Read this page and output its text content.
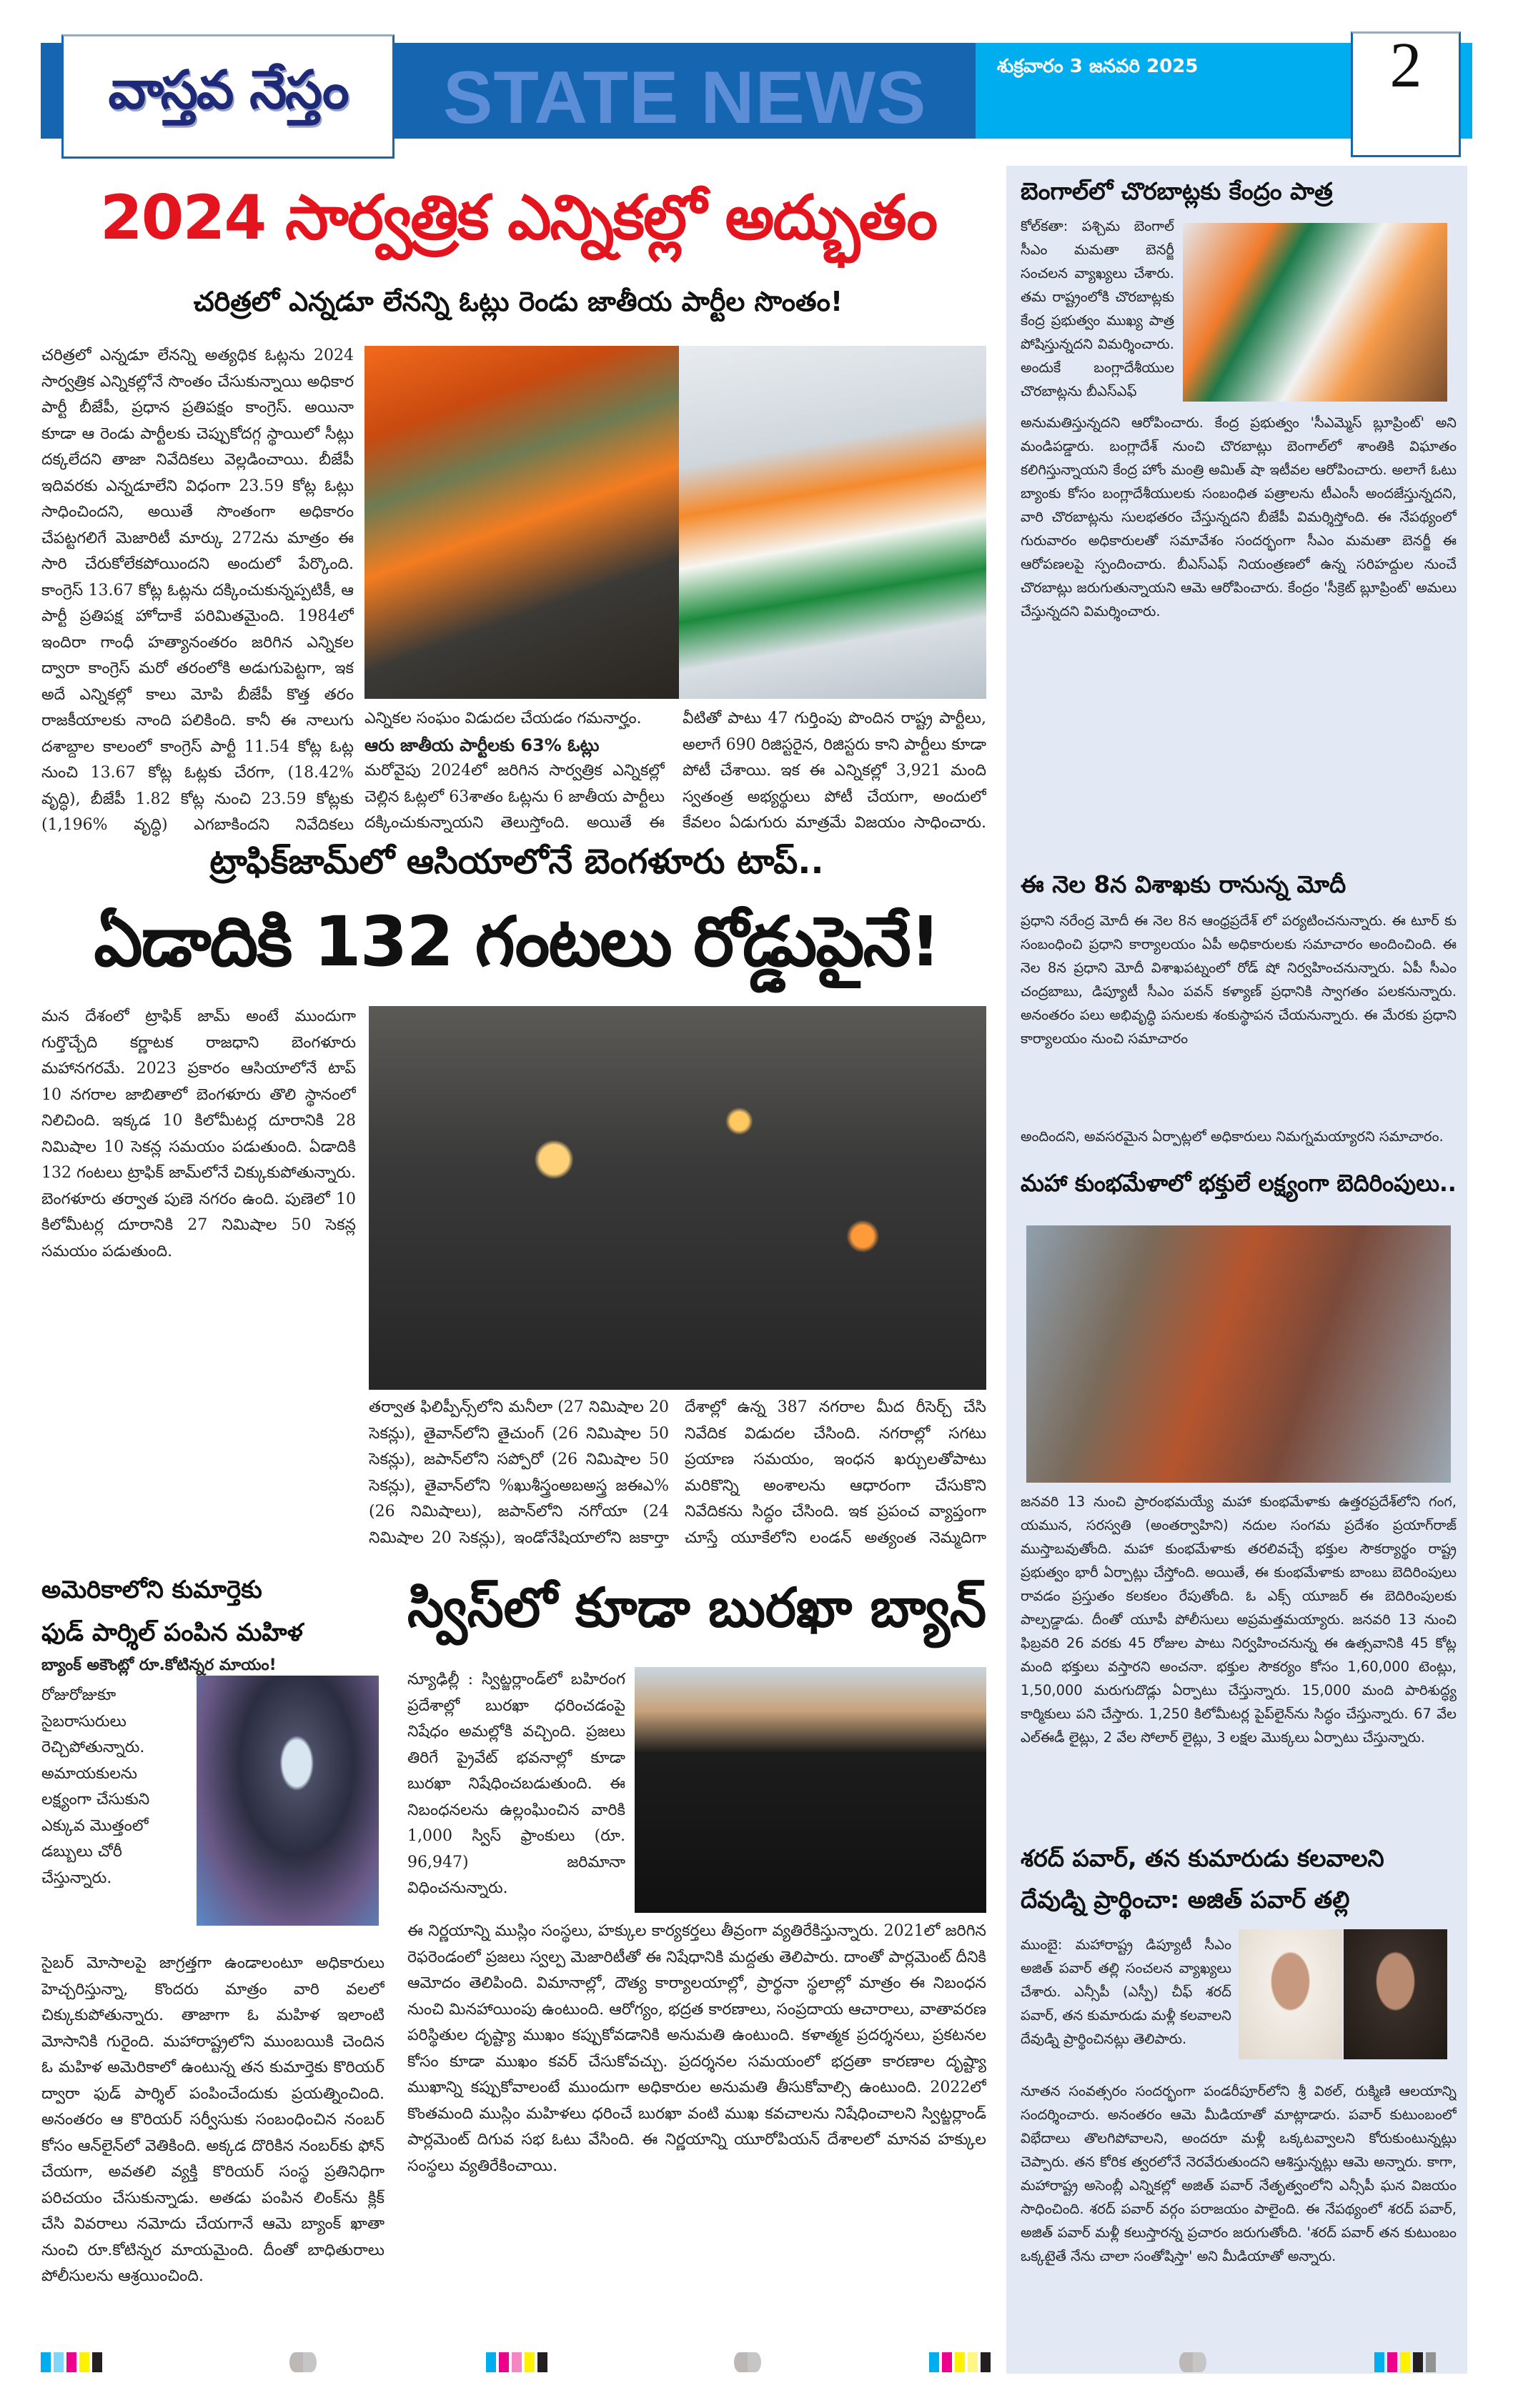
వాస్తవ నేస్తం STATE NEWS	శుక్రవారం 3 జనవరి 2025	2
2024 సార్వత్రిక ఎన్నికల్లో అద్భుతం
చరిత్రలో ఎన్నడూ లేనన్ని ఓట్లు రెండు జాతీయ పార్టీల సొంతం!
చరిత్రలో ఎన్నడూ లేనన్ని అత్యధిక ఓట్లను 2024 సార్వత్రిక ఎన్నికల్లోనే సొంతం చేసుకున్నాయి అధికార పార్టీ బీజేపీ, ప్రధాన ప్రతిపక్షం కాంగ్రెస్. అయినా కూడా ఆ రెండు పార్టీలకు చెప్పుకోదగ్గ స్థాయిలో సీట్లు దక్కలేదని తాజా నివేదికలు వెల్లడించాయి. బీజేపీ ఇదివరకు ఎన్నడూలేని విధంగా 23.59 కోట్ల ఓట్లు సాధించిందని, అయితే సొంతంగా అధికారం చేపట్టగలిగే మెజారిటీ మార్కు 272ను మాత్రం ఈ సారి చేరుకోలేకపోయిందని అందులో పేర్కొంది. కాంగ్రెస్ 13.67 కోట్ల ఓట్లను దక్కించుకున్నప్పటికీ, ఆ పార్టీ ప్రతిపక్ష హోదాకే పరిమితమైంది. 1984లో ఇందిరా గాంధీ హత్యానంతరం జరిగిన ఎన్నికల ద్వారా కాంగ్రెస్ మరో తరంలోకి అడుగుపెట్టగా, ఇక అదే ఎన్నికల్లో కాలు మోపి బీజేపీ కొత్త తరం రాజకీయాలకు నాంది పలికింది. కానీ ఈ నాలుగు దశాబ్దాల కాలంలో కాంగ్రెస్ పార్టీ 11.54 కోట్ల ఓట్ల నుంచి 13.67 కోట్ల ఓట్లకు చేరగా, (18.42% వృద్ధి), బీజేపీ 1.82 కోట్ల నుంచి 23.59 కోట్లకు (1,196% వృద్ధి) ఎగబాకిందని నివేదికలు
ఎన్నికల సంఘం విడుదల చేయడం గమనార్హం.
ఆరు జాతీయ పార్టీలకు 63% ఓట్లు
మరోవైపు 2024లో జరిగిన సార్వత్రిక ఎన్నికల్లో చెల్లిన ఓట్లలో 63శాతం ఓట్లను 6 జాతీయ పార్టీలు దక్కించుకున్నాయని తెలుస్తోంది. అయితే ఈ
వీటితో పాటు 47 గుర్తింపు పొందిన రాష్ట్ర పార్టీలు, అలాగే 690 రిజిస్టరైన, రిజిస్టరు కాని పార్టీలు కూడా పోటీ చేశాయి. ఇక ఈ ఎన్నికల్లో 3,921 మంది స్వతంత్ర అభ్యర్థులు పోటీ చేయగా, అందులో కేవలం ఏడుగురు మాత్రమే విజయం సాధించారు.
ట్రాఫిక్‌జామ్‌లో ఆసియాలోనే బెంగళూరు టాప్..
ఏడాదికి 132 గంటలు రోడ్డుపైనే!
మన దేశంలో ట్రాఫిక్ జామ్ అంటే ముందుగా గుర్తొచ్చేది కర్ణాటక రాజధాని బెంగళూరు మహానగరమే. 2023 ప్రకారం ఆసియాలోనే టాప్ 10 నగరాల జాబితాలో బెంగళూరు తొలి స్థానంలో నిలిచింది. ఇక్కడ 10 కిలోమీటర్ల దూరానికి 28 నిమిషాల 10 సెకన్ల సమయం పడుతుంది. ఏడాదికి 132 గంటలు ట్రాఫిక్ జామ్‌లోనే చిక్కుకుపోతున్నారు. బెంగళూరు తర్వాత పుణె నగరం ఉంది. పుణెలో 10 కిలోమీటర్ల దూరానికి 27 నిమిషాల 50 సెకన్ల సమయం పడుతుంది.
తర్వాత ఫిలిప్పీన్స్‌లోని మనీలా (27 నిమిషాల 20 సెకన్లు), తైవాన్‌లోని తైచుంగ్ (26 నిమిషాల 50 సెకన్లు), జపాన్‌లోని సప్పోరో (26 నిమిషాల 50 సెకన్లు), తైవాన్‌లోని %ఖుశీస్త్రంఅబఅస్త్ర జఈఎ% (26 నిమిషాలు), జపాన్‌లోని నగోయా (24 నిమిషాల 20 సెకన్లు), ఇండోనేషియాలోని జకార్తా
దేశాల్లో ఉన్న 387 నగరాల మీద రీసెర్చ్ చేసి నివేదిక విడుదల చేసింది. నగరాల్లో సగటు ప్రయాణ సమయం, ఇంధన ఖర్చులతోపాటు మరికొన్ని అంశాలను ఆధారంగా చేసుకొని నివేదికను సిద్ధం చేసింది. ఇక ప్రపంచ వ్యాప్తంగా చూస్తే యూకేలోని లండన్ అత్యంత నెమ్మదిగా
అమెరికాలోని కుమార్తెకు
ఫుడ్ పార్శిల్ పంపిన మహిళ
బ్యాంక్ అకౌంట్లో రూ.కోటిన్నర మాయం!
రోజురోజుకూ సైబరాసురులు రెచ్చిపోతున్నారు. అమాయకులను లక్ష్యంగా చేసుకుని ఎక్కువ మొత్తంలో డబ్బులు చోరీ చేస్తున్నారు.
సైబర్ మోసాలపై జాగ్రత్తగా ఉండాలంటూ అధికారులు హెచ్చరిస్తున్నా, కొందరు మాత్రం వారి వలలో చిక్కుకుపోతున్నారు. తాజాగా ఓ మహిళ ఇలాంటి మోసానికి గురైంది. మహారాష్ట్రలోని ముంబయికి చెందిన ఓ మహిళ అమెరికాలో ఉంటున్న తన కుమార్తెకు కొరియర్ ద్వారా ఫుడ్ పార్శిల్ పంపించేందుకు ప్రయత్నించింది. అనంతరం ఆ కొరియర్ సర్వీసుకు సంబంధించిన నంబర్ కోసం ఆన్‌లైన్‌లో వెతికింది. అక్కడ దొరికిన నంబర్‌కు ఫోన్ చేయగా, అవతలి వ్యక్తి కొరియర్ సంస్థ ప్రతినిధిగా పరిచయం చేసుకున్నాడు. అతడు పంపిన లింక్‌ను క్లిక్ చేసి వివరాలు నమోదు చేయగానే ఆమె బ్యాంక్ ఖాతా నుంచి రూ.కోటిన్నర మాయమైంది. దీంతో బాధితురాలు పోలీసులను ఆశ్రయించింది.
స్విస్‌లో కూడా బురఖా బ్యాన్
న్యూఢిల్లీ : స్విట్జర్లాండ్‌లో బహిరంగ ప్రదేశాల్లో బురఖా ధరించడంపై నిషేధం అమల్లోకి వచ్చింది. ప్రజలు తిరిగే ప్రైవేట్ భవనాల్లో కూడా బురఖా నిషేధించబడుతుంది. ఈ నిబంధనలను ఉల్లంఘించిన వారికి 1,000 స్విస్ ఫ్రాంకులు (రూ. 96,947) జరిమానా విధించనున్నారు.
ఈ నిర్ణయాన్ని ముస్లిం సంస్థలు, హక్కుల కార్యకర్తలు తీవ్రంగా వ్యతిరేకిస్తున్నారు. 2021లో జరిగిన రెఫరెండంలో ప్రజలు స్వల్ప మెజారిటీతో ఈ నిషేధానికి మద్దతు తెలిపారు. దాంతో పార్లమెంట్ దీనికి ఆమోదం తెలిపింది. విమానాల్లో, దౌత్య కార్యాలయాల్లో, ప్రార్థనా స్థలాల్లో మాత్రం ఈ నిబంధన నుంచి మినహాయింపు ఉంటుంది. ఆరోగ్యం, భద్రత కారణాలు, సంప్రదాయ ఆచారాలు, వాతావరణ పరిస్థితుల దృష్ట్యా ముఖం కప్పుకోవడానికి అనుమతి ఉంటుంది. కళాత్మక ప్రదర్శనలు, ప్రకటనల కోసం కూడా ముఖం కవర్ చేసుకోవచ్చు. ప్రదర్శనల సమయంలో భద్రతా కారణాల దృష్ట్యా ముఖాన్ని కప్పుకోవాలంటే ముందుగా అధికారుల అనుమతి తీసుకోవాల్సి ఉంటుంది. 2022లో కొంతమంది ముస్లిం మహిళలు ధరించే బురఖా వంటి ముఖ కవచాలను నిషేధించాలని స్విట్జర్లాండ్ పార్లమెంట్ దిగువ సభ ఓటు వేసింది. ఈ నిర్ణయాన్ని యూరోపియన్ దేశాలలో మానవ హక్కుల సంస్థలు వ్యతిరేకించాయి.
బెంగాల్‌లో చొరబాట్లకు కేంద్రం పాత్ర
కోల్‌కతా: పశ్చిమ బెంగాల్ సీఎం మమతా బెనర్జీ సంచలన వ్యాఖ్యలు చేశారు. తమ రాష్ట్రంలోకి చొరబాట్లకు కేంద్ర ప్రభుత్వం ముఖ్య పాత్ర పోషిస్తున్నదని విమర్శించారు. అందుకే బంగ్లాదేశీయుల చొరబాట్లను బీఎస్‌ఎఫ్
అనుమతిస్తున్నదని ఆరోపించారు. కేంద్ర ప్రభుత్వం 'సీఎమ్మెస్ బ్లూప్రింట్' అని మండిపడ్డారు. బంగ్లాదేశ్ నుంచి చొరబాట్లు బెంగాల్‌లో శాంతికి విఘాతం కలిగిస్తున్నాయని కేంద్ర హోం మంత్రి అమిత్ షా ఇటీవల ఆరోపించారు. అలాగే ఓటు బ్యాంకు కోసం బంగ్లాదేశీయులకు సంబంధిత పత్రాలను టీఎంసీ అందజేస్తున్నదని, వారి చొరబాట్లను సులభతరం చేస్తున్నదని బీజేపీ విమర్శిస్తోంది. ఈ నేపథ్యంలో గురువారం అధికారులతో సమావేశం సందర్భంగా సీఎం మమతా బెనర్జీ ఈ ఆరోపణలపై స్పందించారు. బీఎస్‌ఎఫ్ నియంత్రణలో ఉన్న సరిహద్దుల నుంచే చొరబాట్లు జరుగుతున్నాయని ఆమె ఆరోపించారు. కేంద్రం 'సీక్రెట్ బ్లూప్రింట్' అమలు చేస్తున్నదని విమర్శించారు.
ఈ నెల 8న విశాఖకు రానున్న మోదీ
ప్రధాని నరేంద్ర మోదీ ఈ నెల 8న ఆంధ్రప్రదేశ్ లో పర్యటించనున్నారు. ఈ టూర్ కు సంబంధించి ప్రధాని కార్యాలయం ఏపీ అధికారులకు సమాచారం అందించింది. ఈ నెల 8న ప్రధాని మోదీ విశాఖపట్నంలో రోడ్ షో నిర్వహించనున్నారు. ఏపీ సీఎం చంద్రబాబు, డిప్యూటీ సీఎం పవన్ కళ్యాణ్ ప్రధానికి స్వాగతం పలకనున్నారు. అనంతరం పలు అభివృద్ధి పనులకు శంకుస్థాపన చేయనున్నారు. ఈ మేరకు ప్రధాని కార్యాలయం నుంచి సమాచారం
అందిందని, అవసరమైన ఏర్పాట్లలో అధికారులు నిమగ్నమయ్యారని సమాచారం.
మహా కుంభమేళాలో భక్తులే లక్ష్యంగా బెదిరింపులు..
జనవరి 13 నుంచి ప్రారంభమయ్యే మహా కుంభమేళాకు ఉత్తరప్రదేశ్‌లోని గంగ, యమున, సరస్వతి (అంతర్వాహిని) నదుల సంగమ ప్రదేశం ప్రయాగ్‌రాజ్ ముస్తాబవుతోంది. మహా కుంభమేళాకు తరలివచ్చే భక్తుల సౌకర్యార్థం రాష్ట్ర ప్రభుత్వం భారీ ఏర్పాట్లు చేస్తోంది. అయితే, ఈ కుంభమేళాకు బాంబు బెదిరింపులు రావడం ప్రస్తుతం కలకలం రేపుతోంది. ఓ ఎక్స్ యూజర్ ఈ బెదిరింపులకు పాల్పడ్డాడు. దీంతో యూపీ పోలీసులు అప్రమత్తమయ్యారు. జనవరి 13 నుంచి ఫిబ్రవరి 26 వరకు 45 రోజుల పాటు నిర్వహించనున్న ఈ ఉత్సవానికి 45 కోట్ల మంది భక్తులు వస్తారని అంచనా. భక్తుల సౌకర్యం కోసం 1,60,000 టెంట్లు, 1,50,000 మరుగుదొడ్లు ఏర్పాటు చేస్తున్నారు. 15,000 మంది పారిశుద్ధ్య కార్మికులు పని చేస్తారు. 1,250 కిలోమీటర్ల పైప్‌లైన్‌ను సిద్ధం చేస్తున్నారు. 67 వేల ఎల్‌ఈడీ లైట్లు, 2 వేల సోలార్ లైట్లు, 3 లక్షల మొక్కలు ఏర్పాటు చేస్తున్నారు.
శరద్ పవార్, తన కుమారుడు కలవాలని
దేవుడ్ని ప్రార్థించా: అజిత్ పవార్ తల్లి
ముంబై: మహారాష్ట్ర డిప్యూటీ సీఎం అజిత్ పవార్ తల్లి సంచలన వ్యాఖ్యలు చేశారు. ఎన్సీపీ (ఎస్పీ) చీఫ్ శరద్ పవార్, తన కుమారుడు మళ్లీ కలవాలని దేవుడ్ని ప్రార్థించినట్లు తెలిపారు.
నూతన సంవత్సరం సందర్భంగా పండరీపూర్‌లోని శ్రీ విఠల్, రుక్మిణి ఆలయాన్ని సందర్శించారు. అనంతరం ఆమె మీడియాతో మాట్లాడారు. పవార్ కుటుంబంలో విభేదాలు తొలగిపోవాలని, అందరూ మళ్లీ ఒక్కటవ్వాలని కోరుకుంటున్నట్లు చెప్పారు. తన కోరిక త్వరలోనే నెరవేరుతుందని ఆశిస్తున్నట్లు ఆమె అన్నారు. కాగా, మహారాష్ట్ర అసెంబ్లీ ఎన్నికల్లో అజిత్ పవార్ నేతృత్వంలోని ఎన్సీపీ ఘన విజయం సాధించింది. శరద్ పవార్ వర్గం పరాజయం పాలైంది. ఈ నేపథ్యంలో శరద్ పవార్, అజిత్ పవార్ మళ్లీ కలుస్తారన్న ప్రచారం జరుగుతోంది. 'శరద్ పవార్ తన కుటుంబం ఒక్కటైతే నేను చాలా సంతోషిస్తా' అని మీడియాతో అన్నారు.
